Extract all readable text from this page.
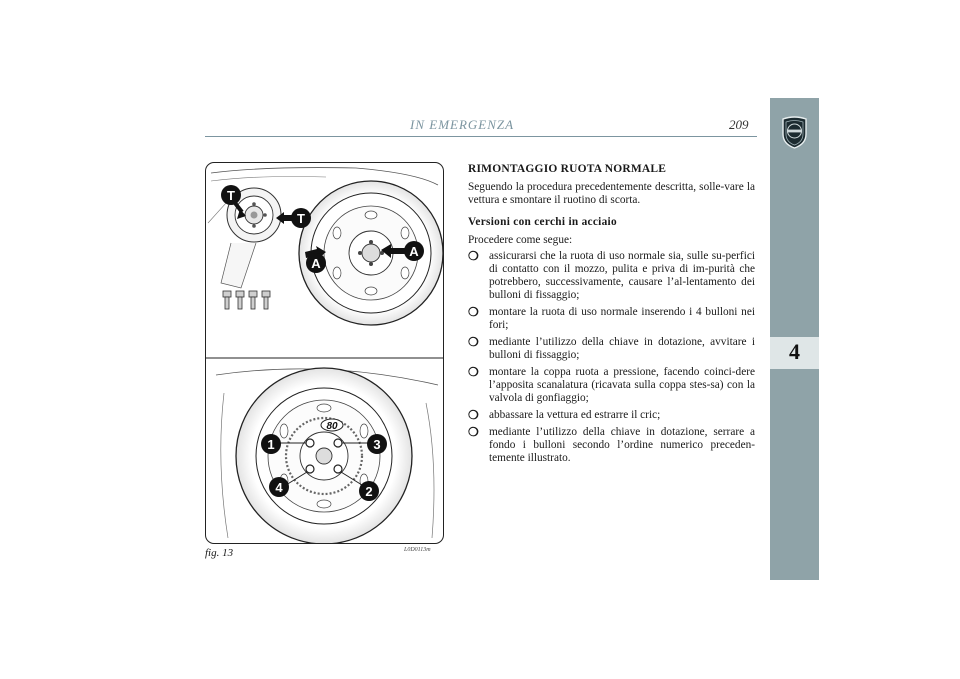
IN EMERGENZA	209
4
T
T
A
A
80
1	3
2
4
fig. 13	L0D0113m
RIMONTAGGIO RUOTA NORMALE
Seguendo la procedura precedentemente descritta, solle-vare la vettura e smontare il ruotino di scorta.
Versioni con cerchi in acciaio
Procedere come segue:
❍ assicurarsi che la ruota di uso normale sia, sulle su-perfici di contatto con il mozzo, pulita e priva di im-purità che potrebbero, successivamente, causare l’al-lentamento dei bulloni di fissaggio;
❍ montare la ruota di uso normale inserendo i 4 bulloni nei fori;
❍ mediante l’utilizzo della chiave in dotazione, avvitare i bulloni di fissaggio;
❍ montare la coppa ruota a pressione, facendo coinci-dere l’apposita scanalatura (ricavata sulla coppa stes-sa) con la valvola di gonfiaggio;
❍ abbassare la vettura ed estrarre il cric;
❍ mediante l’utilizzo della chiave in dotazione, serrare a fondo i bulloni secondo l’ordine numerico preceden-temente illustrato.
